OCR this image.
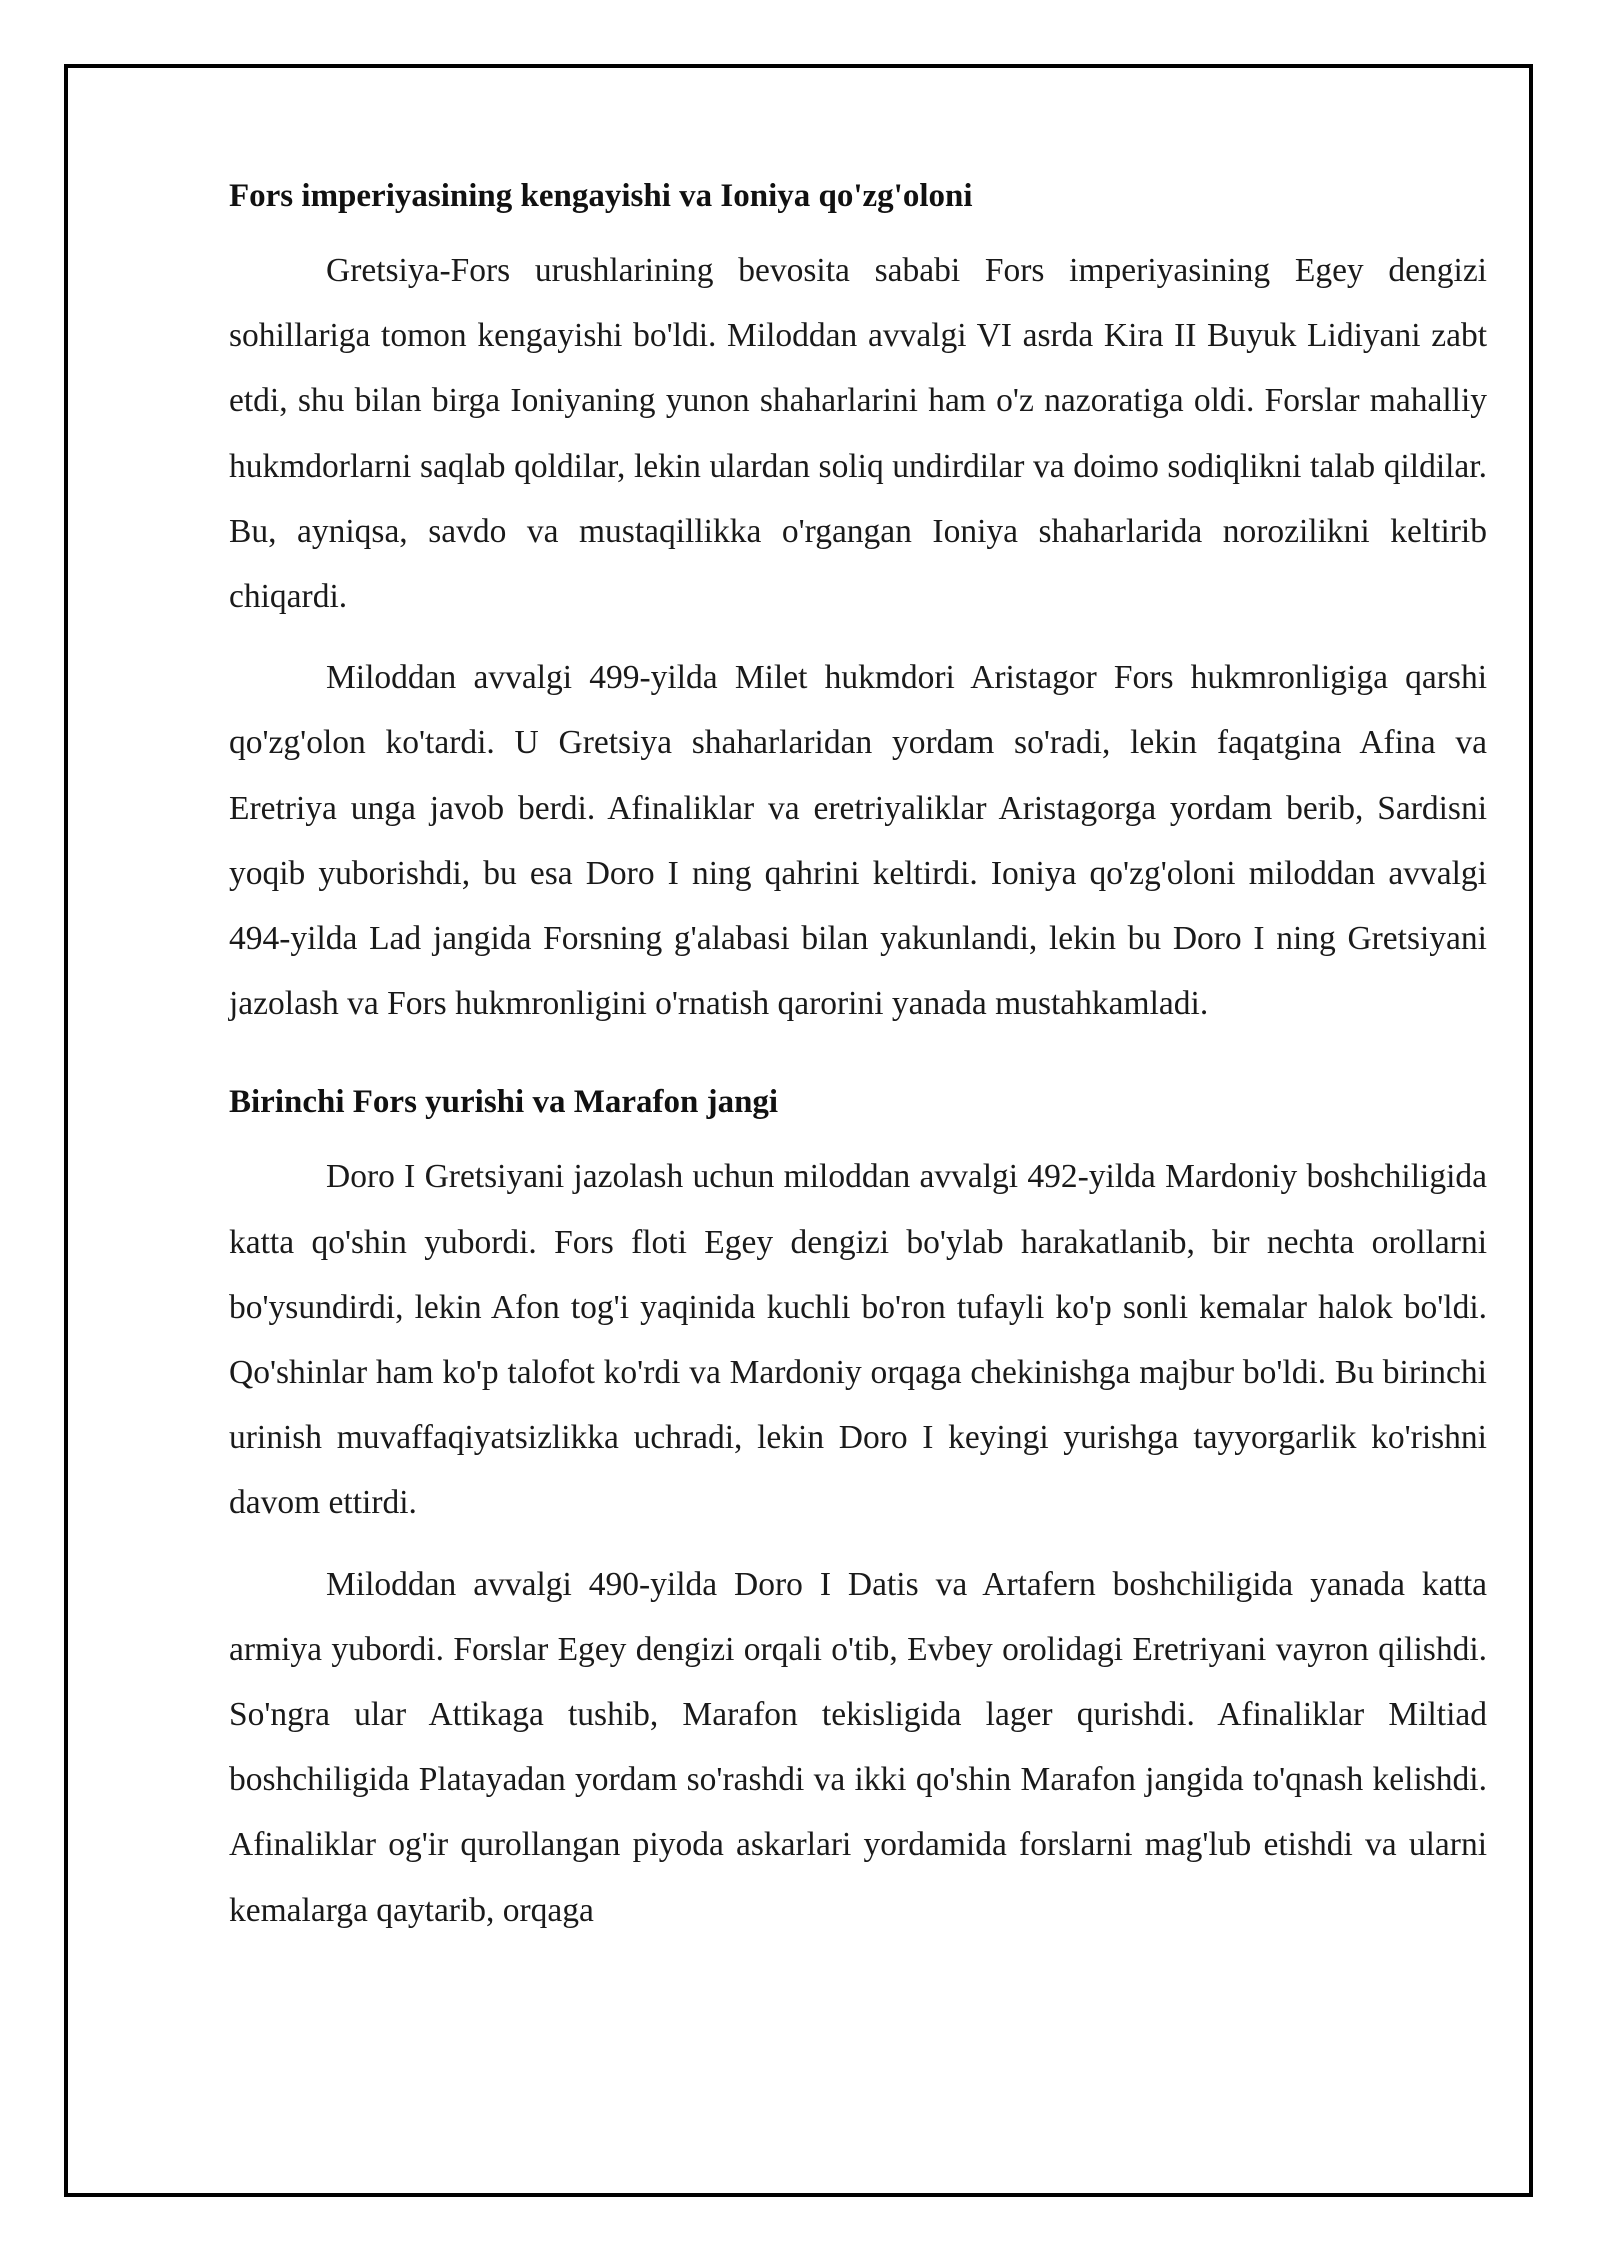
Fors imperiyasining kengayishi va Ioniya qo'zg'oloni

Gretsiya-Fors urushlarining bevosita sababi Fors imperiyasining Egey dengizi sohillariga tomon kengayishi bo'ldi. Miloddan avvalgi VI asrda Kira II Buyuk Lidiyani zabt etdi, shu bilan birga Ioniyaning yunon shaharlarini ham o'z nazoratiga oldi. Forslar mahalliy hukmdorlarni saqlab qoldilar, lekin ulardan soliq undirdilar va doimo sodiqlikni talab qildilar. Bu, ayniqsa, savdo va mustaqillikka o'rgangan Ioniya shaharlarida norozilikni keltirib chiqardi.

Miloddan avvalgi 499-yilda Milet hukmdori Aristagor Fors hukmronligiga qarshi qo'zg'olon ko'tardi. U Gretsiya shaharlaridan yordam so'radi, lekin faqatgina Afina va Eretriya unga javob berdi. Afinaliklar va eretriyaliklar Aristagorga yordam berib, Sardisni yoqib yuborishdi, bu esa Doro I ning qahrini keltirdi. Ioniya qo'zg'oloni miloddan avvalgi 494-yilda Lad jangida Forsning g'alabasi bilan yakunlandi, lekin bu Doro I ning Gretsiyani jazolash va Fors hukmronligini o'rnatish qarorini yanada mustahkamladi.

Birinchi Fors yurishi va Marafon jangi

Doro I Gretsiyani jazolash uchun miloddan avvalgi 492-yilda Mardoniy boshchiligida katta qo'shin yubordi. Fors floti Egey dengizi bo'ylab harakatlanib, bir nechta orollarni bo'ysundirdi, lekin Afon tog'i yaqinida kuchli bo'ron tufayli ko'p sonli kemalar halok bo'ldi. Qo'shinlar ham ko'p talofot ko'rdi va Mardoniy orqaga chekinishga majbur bo'ldi. Bu birinchi urinish muvaffaqiyatsizlikka uchradi, lekin Doro I keyingi yurishga tayyorgarlik ko'rishni davom ettirdi.

Miloddan avvalgi 490-yilda Doro I Datis va Artafern boshchiligida yanada katta armiya yubordi. Forslar Egey dengizi orqali o'tib, Evbey orolidagi Eretriyani vayron qilishdi. So'ngra ular Attikaga tushib, Marafon tekisligida lager qurishdi. Afinaliklar Miltiad boshchiligida Platayadan yordam so'rashdi va ikki qo'shin Marafon jangida to'qnash kelishdi. Afinaliklar og'ir qurollangan piyoda askarlari yordamida forslarni mag'lub etishdi va ularni kemalarga qaytarib, orqaga
